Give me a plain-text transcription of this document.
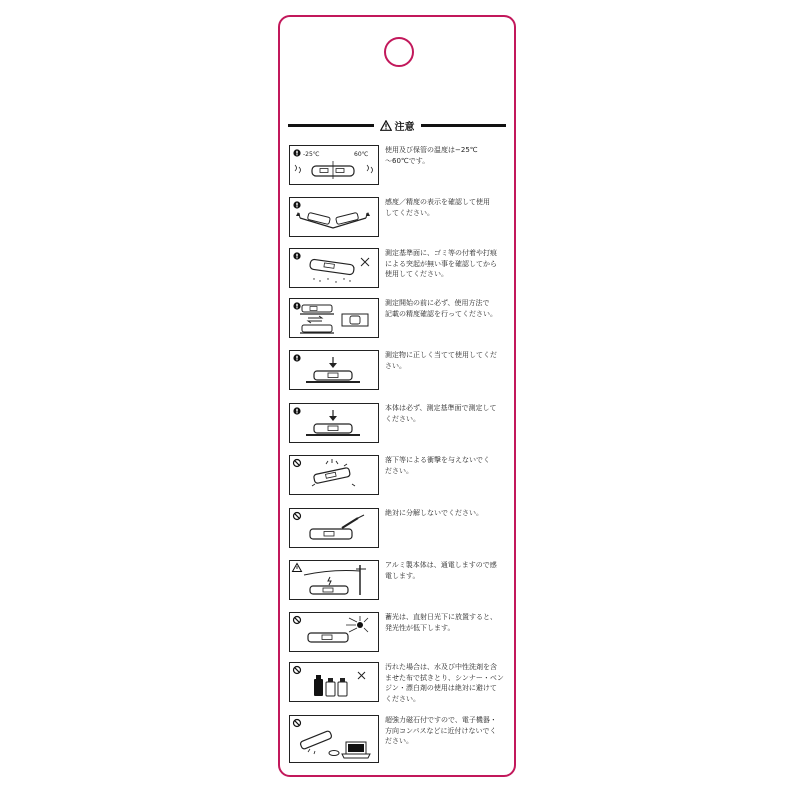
注意
-25℃	60℃
使用及び保管の温度は−25℃
〜60℃です。
感度／精度の表示を確認して使用
してください。
測定基準面に、ゴミ等の付着や打痕
による突起が無い事を確認してから
使用してください。
測定開始の前に必ず、使用方法で
記載の精度確認を行ってください。
測定物に正しく当てて使用してくだ
さい。
本体は必ず、測定基準面で測定して
ください。
落下等による衝撃を与えないでく
ださい。
絶対に分解しないでください。
アルミ製本体は、通電しますので感
電します。
蓄光は、直射日光下に放置すると、
発光性が低下します。
汚れた場合は、水及び中性洗剤を含
ませた布で拭きとり、シンナー・ベン
ジン・漂白剤の使用は絶対に避けて
ください。
超強力磁石付ですので、電子機器・
方向コンパスなどに近付けないでく
ださい。
